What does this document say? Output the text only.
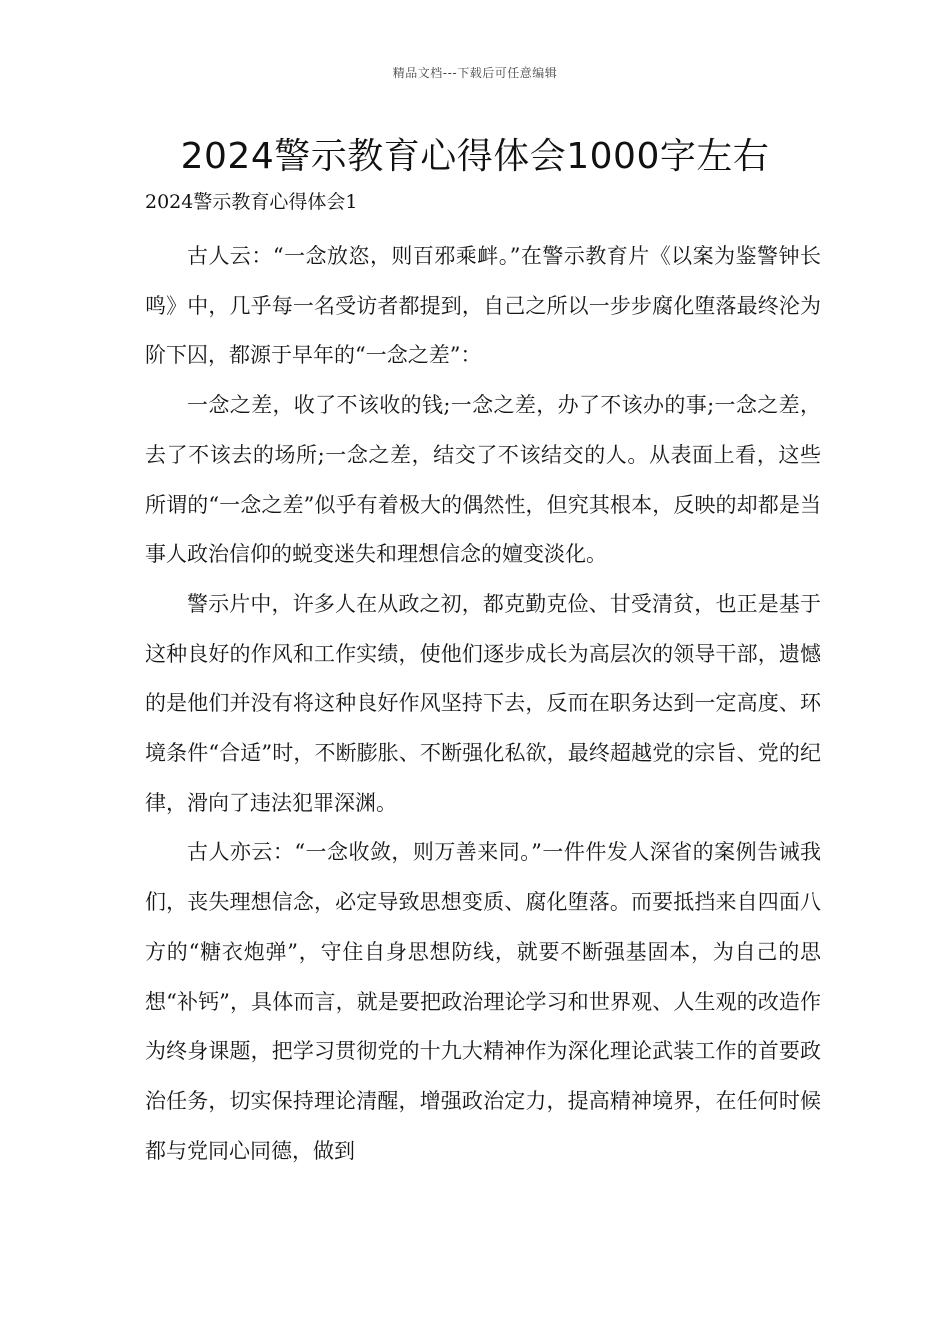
精品文档---下载后可任意编辑
2024警示教育心得体会1000字左右
2024警示教育心得体会1

古人云：“一念放恣，则百邪乘衅。”在警示教育片《以案为鉴警钟长鸣》中，几乎每一名受访者都提到，自己之所以一步步腐化堕落最终沦为阶下囚，都源于早年的“一念之差”：

一念之差，收了不该收的钱;一念之差，办了不该办的事;一念之差，去了不该去的场所;一念之差，结交了不该结交的人。从表面上看，这些所谓的“一念之差”似乎有着极大的偶然性，但究其根本，反映的却都是当事人政治信仰的蜕变迷失和理想信念的嬗变淡化。

警示片中，许多人在从政之初，都克勤克俭、甘受清贫，也正是基于这种良好的作风和工作实绩，使他们逐步成长为高层次的领导干部，遗憾的是他们并没有将这种良好作风坚持下去，反而在职务达到一定高度、环境条件“合适”时，不断膨胀、不断强化私欲，最终超越党的宗旨、党的纪律，滑向了违法犯罪深渊。

古人亦云：“一念收敛，则万善来同。”一件件发人深省的案例告诫我们，丧失理想信念，必定导致思想变质、腐化堕落。而要抵挡来自四面八方的“糖衣炮弹”，守住自身思想防线，就要不断强基固本，为自己的思想“补钙”，具体而言，就是要把政治理论学习和世界观、人生观的改造作为终身课题，把学习贯彻党的十九大精神作为深化理论武装工作的首要政治任务，切实保持理论清醒，增强政治定力，提高精神境界，在任何时候都与党同心同德，做到
